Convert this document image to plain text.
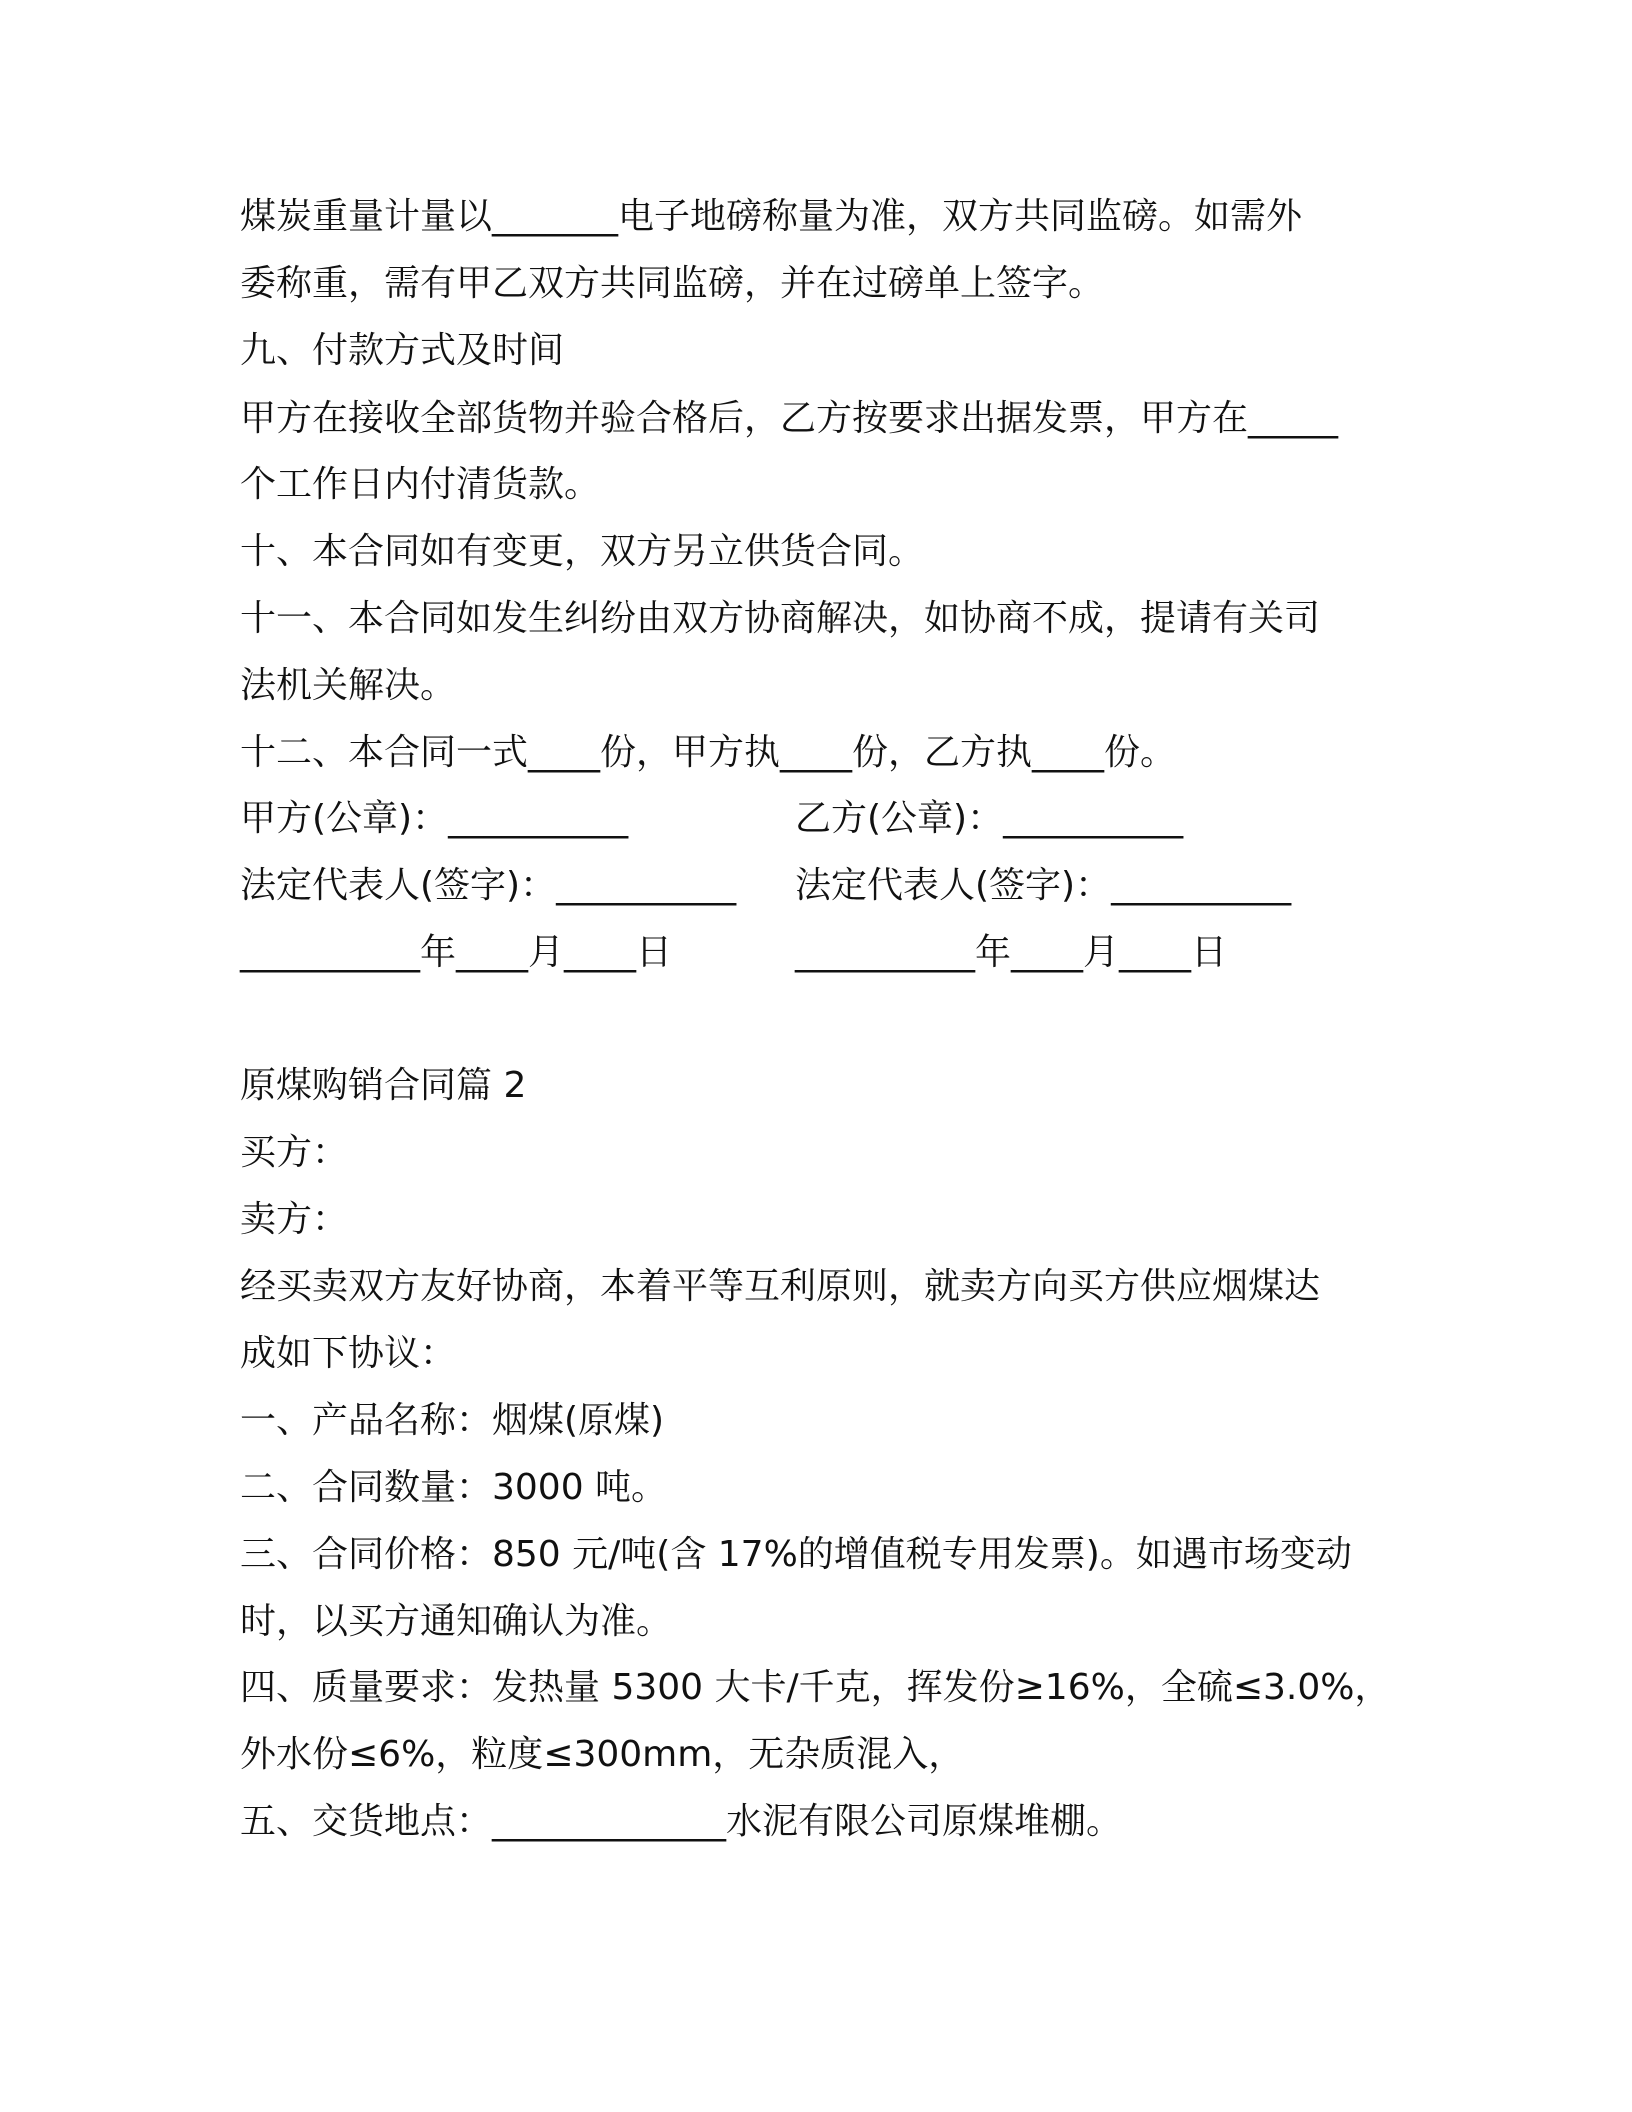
煤炭重量计量以_______电子地磅称量为准，双方共同监磅。如需外
委称重，需有甲乙双方共同监磅，并在过磅单上签字。
九、付款方式及时间
甲方在接收全部货物并验合格后，乙方按要求出据发票，甲方在_____
个工作日内付清货款。
十、本合同如有变更，双方另立供货合同。
十一、本合同如发生纠纷由双方协商解决，如协商不成，提请有关司
法机关解决。
十二、本合同一式____份，甲方执____份，乙方执____份。
甲方(公章)：__________	乙方(公章)：__________
法定代表人(签字)：__________ 法定代表人(签字)：__________
__________年____月____日	__________年____月____日
原煤购销合同篇 2
买方：
卖方：
经买卖双方友好协商，本着平等互利原则，就卖方向买方供应烟煤达
成如下协议：
一、产品名称：烟煤(原煤)
二、合同数量：3000 吨。
三、合同价格：850 元/吨(含 17%的增值税专用发票)。如遇市场变动
时，以买方通知确认为准。
四、质量要求：发热量 5300 大卡/千克，挥发份≥16%，全硫≤3.0%，
外水份≤6%，粒度≤300mm，无杂质混入，
五、交货地点：_____________水泥有限公司原煤堆棚。
